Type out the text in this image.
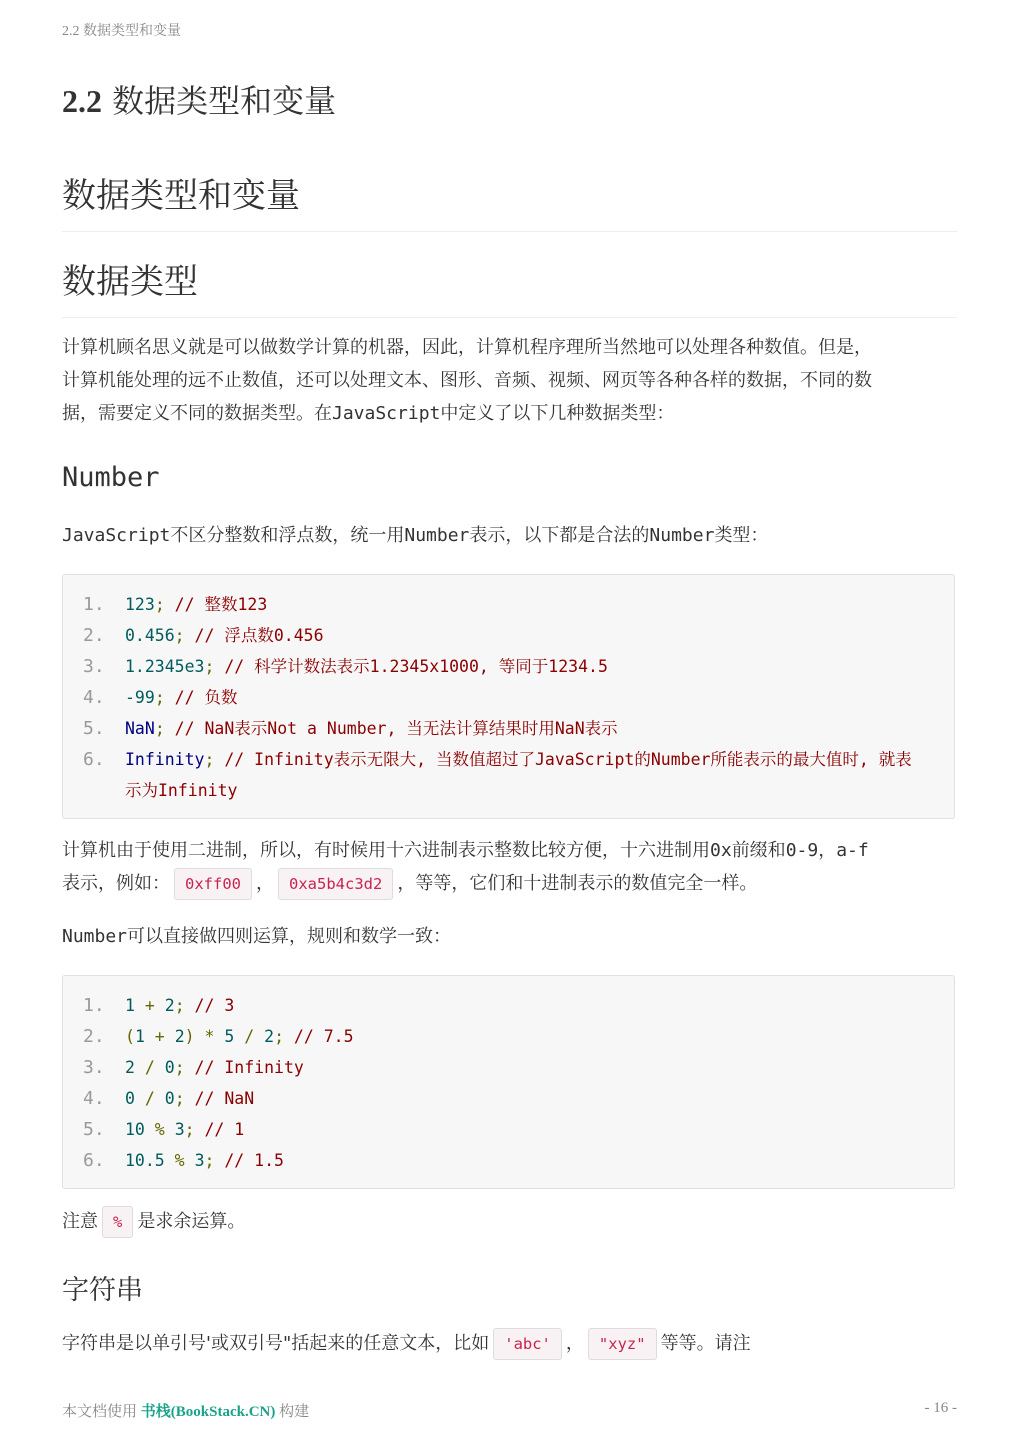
2.2 数据类型和变量
2.2 数据类型和变量
数据类型和变量
数据类型
计算机顾名思义就是可以做数学计算的机器，因此，计算机程序理所当然地可以处理各种数值。但是，
计算机能处理的远不止数值，还可以处理文本、图形、音频、视频、网页等各种各样的数据，不同的数
据，需要定义不同的数据类型。在JavaScript中定义了以下几种数据类型：
Number
JavaScript不区分整数和浮点数，统一用Number表示，以下都是合法的Number类型：
1.	123; // 整数123
2.	0.456; // 浮点数0.456
3.	1.2345e3; // 科学计数法表示1.2345x1000, 等同于1234.5
4.	-99; // 负数
5.	NaN; // NaN表示Not a Number, 当无法计算结果时用NaN表示
6.	Infinity; // Infinity表示无限大, 当数值超过了JavaScript的Number所能表示的最大值时, 就表
示为Infinity
计算机由于使用二进制，所以，有时候用十六进制表示整数比较方便，十六进制用0x前缀和0-9，a-f
表示，例如： 0xff00 ， 0xa5b4c3d2 ，等等，它们和十进制表示的数值完全一样。
Number可以直接做四则运算，规则和数学一致：
1.	1 + 2; // 3
2.	(1 + 2) * 5 / 2; // 7.5
3.	2 / 0; // Infinity
4.	0 / 0; // NaN
5.	10 % 3; // 1
6.	10.5 % 3; // 1.5
注意 % 是求余运算。
字符串
字符串是以单引号'或双引号"括起来的任意文本，比如 'abc' ， "xyz" 等等。请注
本文档使用 书栈(BookStack.CN) 构建	- 16 -
